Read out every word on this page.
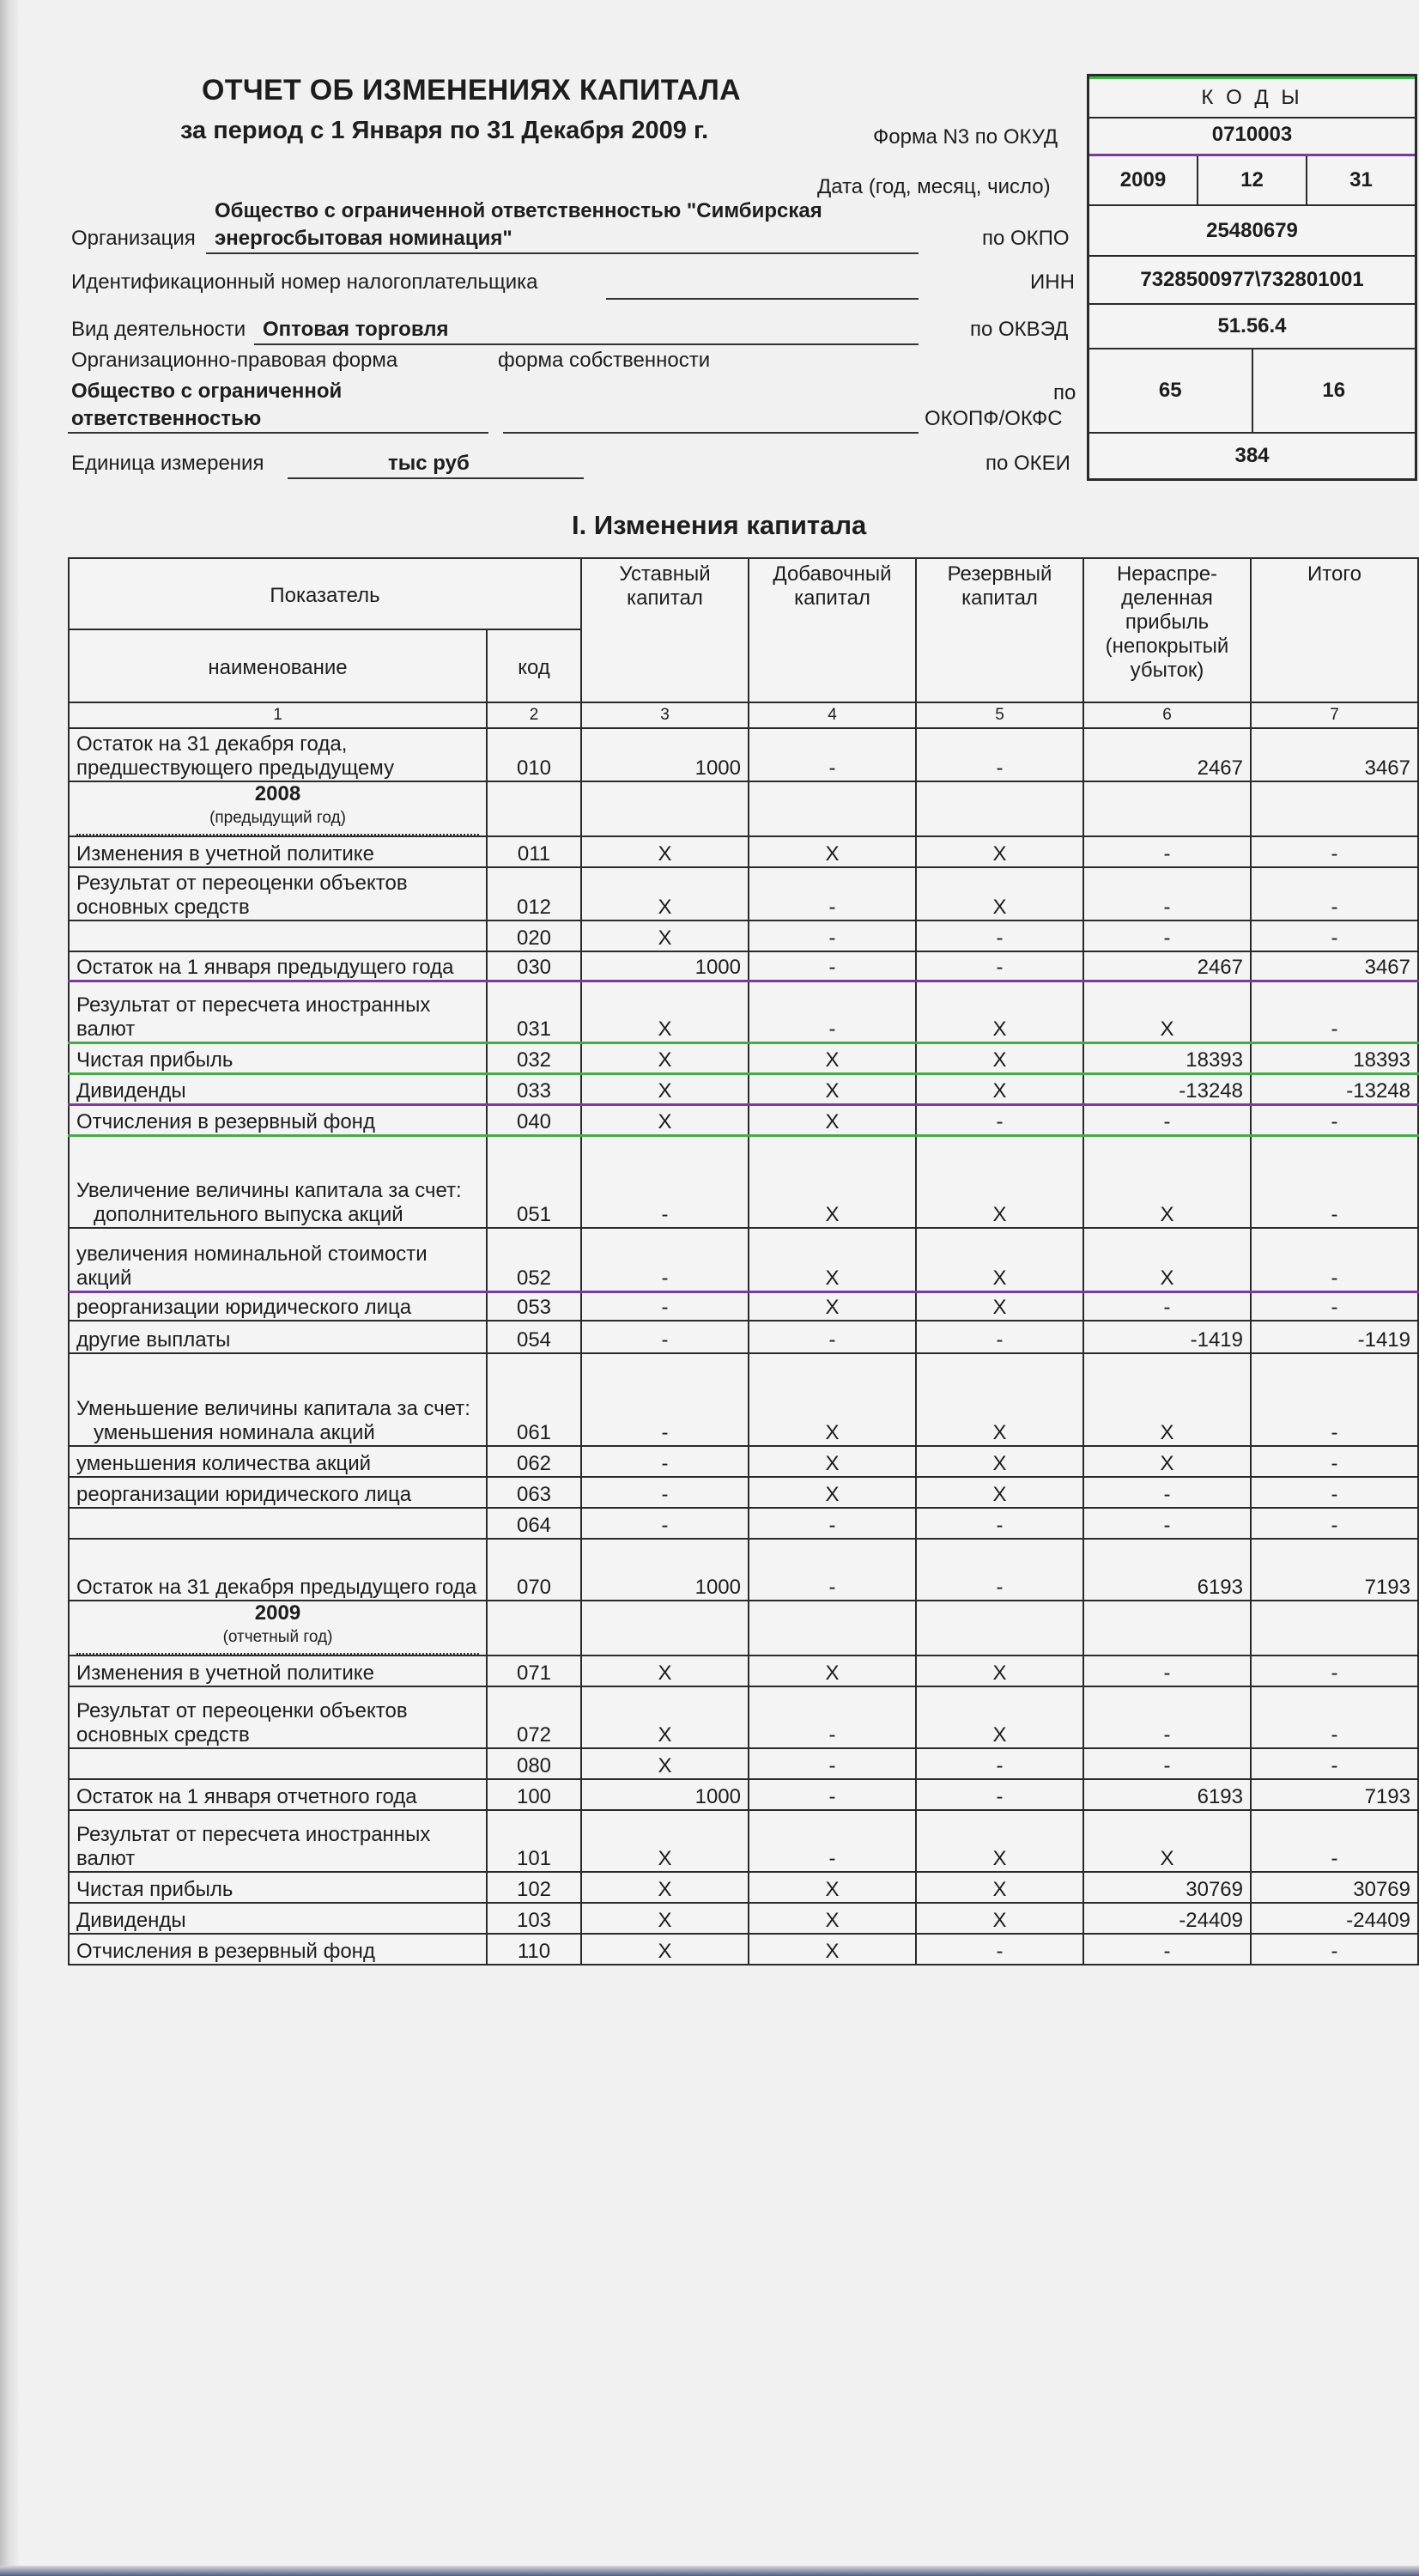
ОТЧЕТ ОБ ИЗМЕНЕНИЯХ КАПИТАЛА
за период с 1 Января по 31 Декабря 2009 г.	Форма N3 по ОКУД
Дата (год, месяц, число)
Организация
Общество с ограниченной ответственностью "Симбирская
энергосбытовая номинация"	по ОКПО
Идентификационный номер налогоплательщика	ИНН
Вид деятельности Оптовая торговля	по ОКВЭД
Организационно-правовая форма	форма собственности
Общество с ограниченной
ответственностью
по
ОКОПФ/ОКФС
Единица измерения	тыс руб	по ОКЕИ
К О Д Ы
0710003
2009	12	31
25480679
7328500977\732801001
51.56.4
65	16
384
I. Изменения капитала
Показатель		Уставный капитал	Добавочный капитал	Резервный капитал	Нераспре-деленная прибыль (непокрытый убыток)	Итого
наименование	код					
1	2	3	4	5	6	7
Остаток на 31 декабря года, предшествующего предыдущему	010	1000	-	-	2467	3467

2008
(предыдущий год)						

Изменения в учетной политике	011	X	X	X	-	-
Результат от переоценки объектов основных средств	012	X	-	X	-	-
	020	X	-	-	-	-
Остаток на 1 января предыдущего года	030	1000	-	-	2467	3467
Результат от пересчета иностранных валют	031	X	-	X	X	-
Чистая прибыль	032	X	X	X	18393	18393
Дивиденды	033	X	X	X	-13248	-13248
Отчисления в резервный фонд	040	X	X	-	-	-

Увеличение величины капитала за счет:
дополнительного выпуска акций	051	-	X	X	X	-
увеличения номинальной стоимости акций	052	-	X	X	X	-
реорганизации юридического лица	053	-	X	X	-	-
другие выплаты	054	-	-	-	-1419	-1419

Уменьшение величины капитала за счет:
уменьшения номинала акций	061	-	X	X	X	-
уменьшения количества акций	062	-	X	X	X	-
реорганизации юридического лица	063	-	X	X	-	-
	064	-	-	-	-	-
Остаток на 31 декабря предыдущего года	070	1000	-	-	6193	7193

2009
(отчетный год)						

Изменения в учетной политике	071	X	X	X	-	-
Результат от переоценки объектов основных средств	072	X	-	X	-	-
	080	X	-	-	-	-
Остаток на 1 января отчетного года	100	1000	-	-	6193	7193
Результат от пересчета иностранных валют	101	X	-	X	X	-
Чистая прибыль	102	X	X	X	30769	30769
Дивиденды	103	X	X	X	-24409	-24409
Отчисления в резервный фонд	110	X	X	-	-	-
